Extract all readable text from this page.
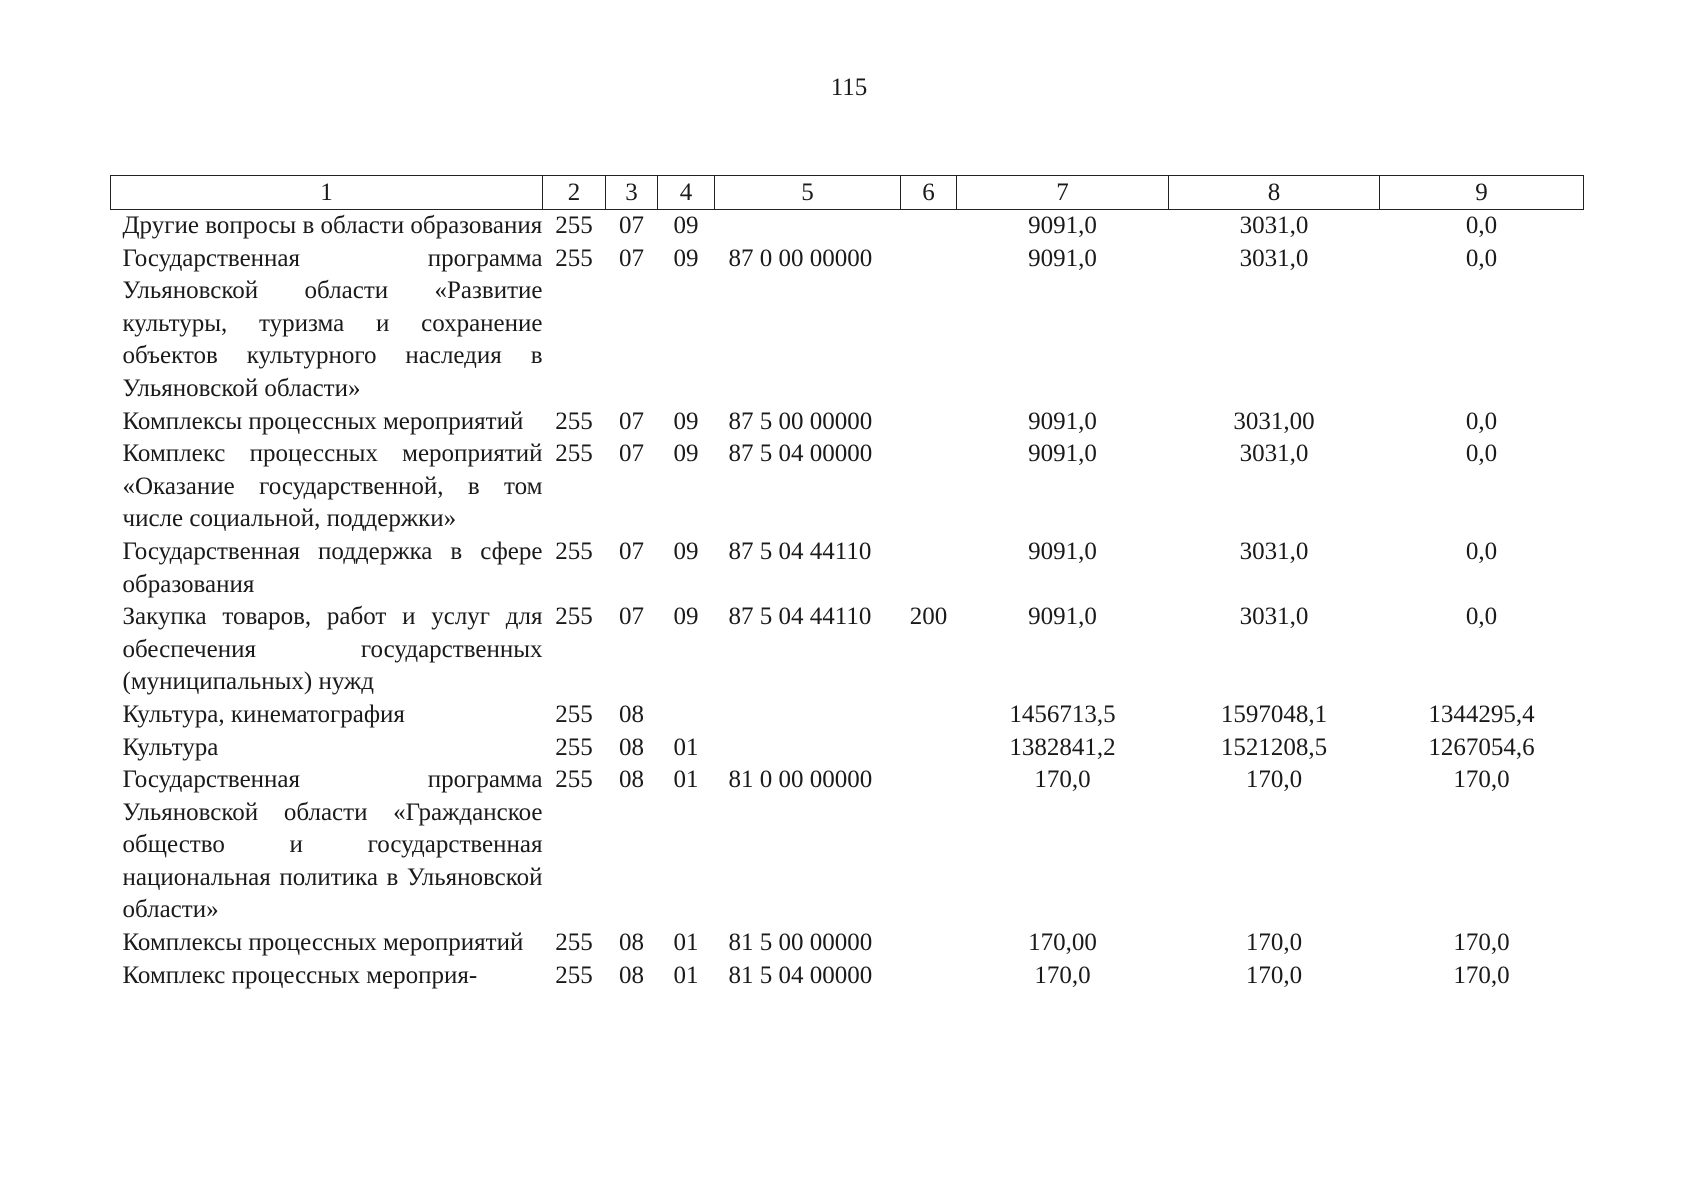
115
1	2	3	4	5	6	7	8	9
Другие вопросы в области образования	255	07	09			9091,0	3031,0	0,0
Государственная программа Ульяновской области «Развитие культуры, туризма и сохранение объектов культурного наследия в Ульяновской области»	255	07	09	87 0 00 00000		9091,0	3031,0	0,0
Комплексы процессных мероприятий	255	07	09	87 5 00 00000		9091,0	3031,00	0,0
Комплекс процессных мероприятий «Оказание государственной, в том числе социальной, поддержки»	255	07	09	87 5 04 00000		9091,0	3031,0	0,0
Государственная поддержка в сфере образования	255	07	09	87 5 04 44110		9091,0	3031,0	0,0
Закупка товаров, работ и услуг для обеспечения государственных (муниципальных) нужд	255	07	09	87 5 04 44110	200	9091,0	3031,0	0,0
Культура, кинематография	255	08				1456713,5	1597048,1	1344295,4
Культура	255	08	01			1382841,2	1521208,5	1267054,6
Государственная программа Ульяновской области «Гражданское общество и государственная национальная политика в Ульяновской области»	255	08	01	81 0 00 00000		170,0	170,0	170,0
Комплексы процессных мероприятий	255	08	01	81 5 00 00000		170,00	170,0	170,0
Комплекс процессных мероприя-	255	08	01	81 5 04 00000		170,0	170,0	170,0
